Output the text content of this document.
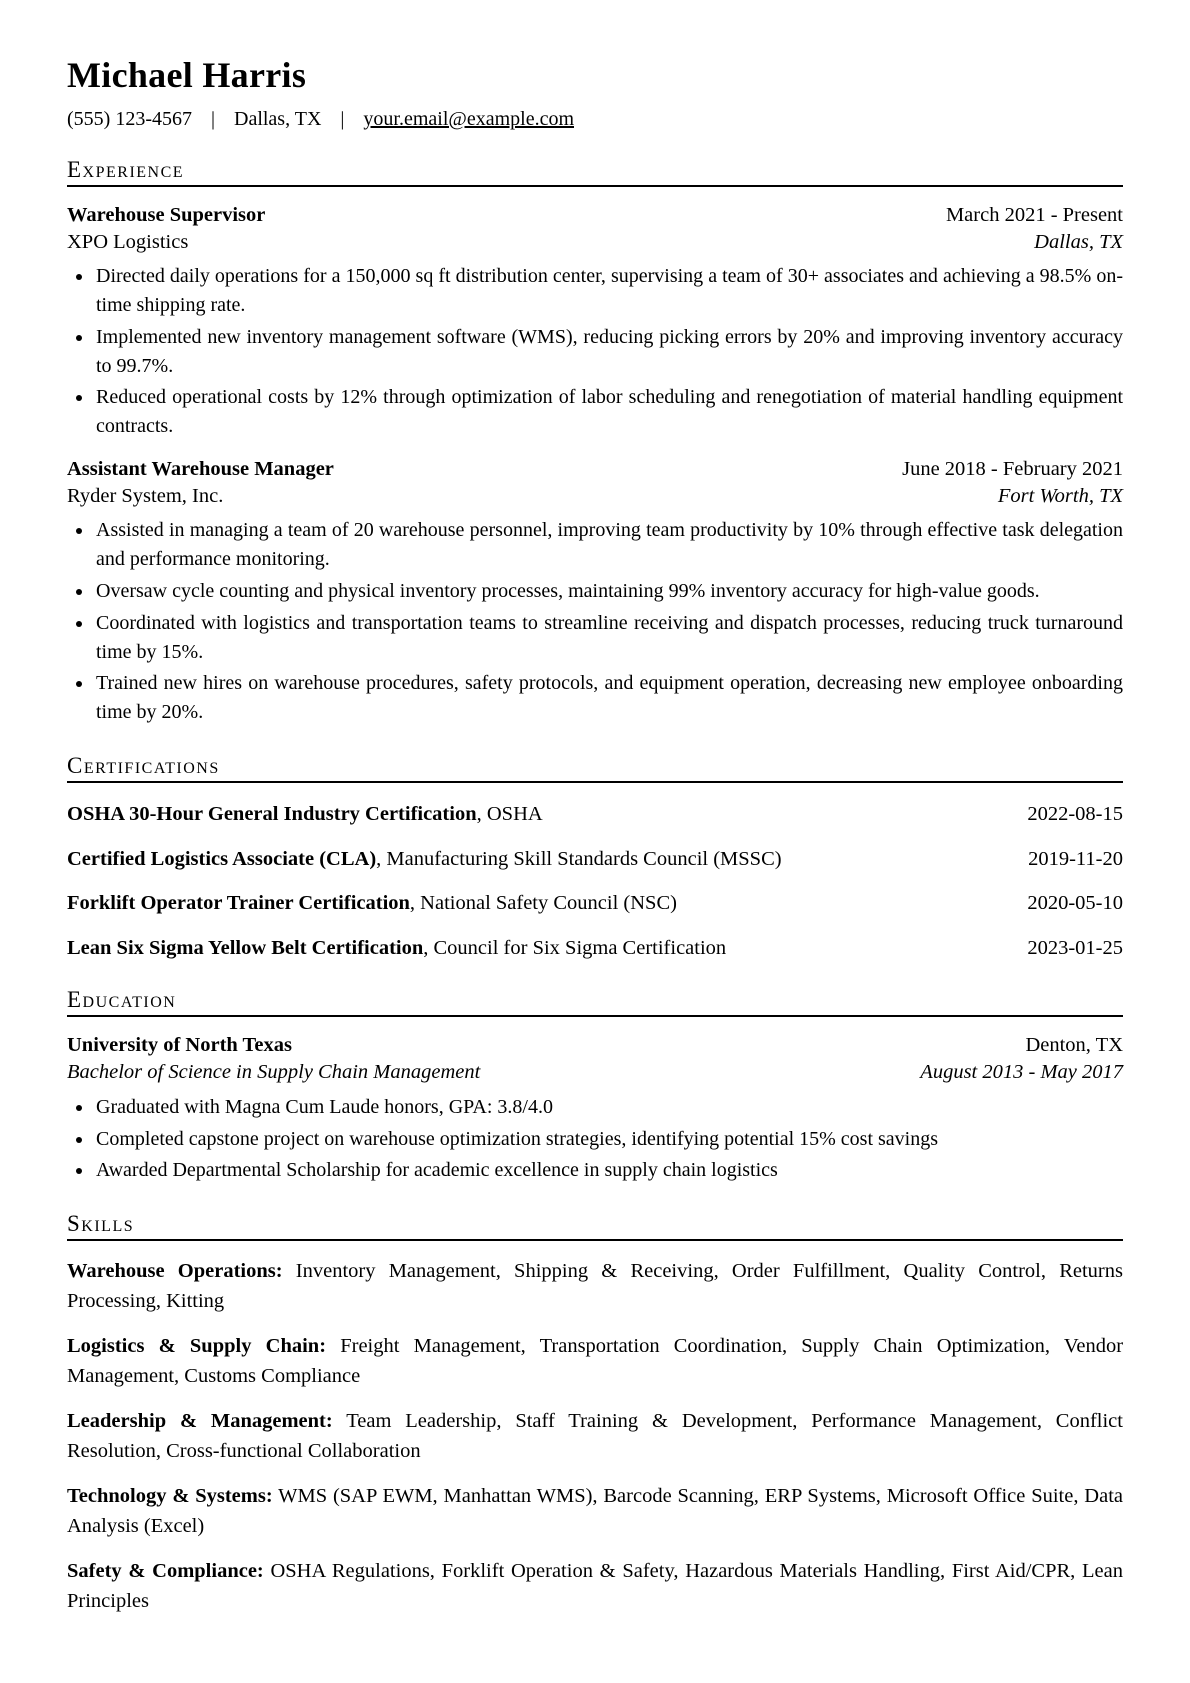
Michael Harris
(555) 123-4567 | Dallas, TX | your.email@example.com
Experience
Warehouse Supervisor	March 2021 - Present
XPO Logistics	Dallas, TX
• Directed daily operations for a 150,000 sq ft distribution center, supervising a team of 30+ associates and achieving a 98.5% on-time shipping rate.
• Implemented new inventory management software (WMS), reducing picking errors by 20% and improving inventory accuracy to 99.7%.
• Reduced operational costs by 12% through optimization of labor scheduling and renegotiation of material handling equipment contracts.
Assistant Warehouse Manager	June 2018 - February 2021
Ryder System, Inc.	Fort Worth, TX
• Assisted in managing a team of 20 warehouse personnel, improving team productivity by 10% through effective task delegation and performance monitoring.
• Oversaw cycle counting and physical inventory processes, maintaining 99% inventory accuracy for high-value goods.
• Coordinated with logistics and transportation teams to streamline receiving and dispatch processes, reducing truck turnaround time by 15%.
• Trained new hires on warehouse procedures, safety protocols, and equipment operation, decreasing new employee onboarding time by 20%.
Certifications
OSHA 30-Hour General Industry Certification, OSHA	2022-08-15
Certified Logistics Associate (CLA), Manufacturing Skill Standards Council (MSSC)	2019-11-20
Forklift Operator Trainer Certification, National Safety Council (NSC)	2020-05-10
Lean Six Sigma Yellow Belt Certification, Council for Six Sigma Certification	2023-01-25
Education
University of North Texas	Denton, TX
Bachelor of Science in Supply Chain Management	August 2013 - May 2017
• Graduated with Magna Cum Laude honors, GPA: 3.8/4.0
• Completed capstone project on warehouse optimization strategies, identifying potential 15% cost savings
• Awarded Departmental Scholarship for academic excellence in supply chain logistics
Skills

Warehouse Operations: Inventory Management, Shipping & Receiving, Order Fulfillment, Quality Control, Returns Processing, Kitting

Logistics & Supply Chain: Freight Management, Transportation Coordination, Supply Chain Optimization, Vendor Management, Customs Compliance

Leadership & Management: Team Leadership, Staff Training & Development, Performance Management, Conflict Resolution, Cross-functional Collaboration

Technology & Systems: WMS (SAP EWM, Manhattan WMS), Barcode Scanning, ERP Systems, Microsoft Office Suite, Data Analysis (Excel)

Safety & Compliance: OSHA Regulations, Forklift Operation & Safety, Hazardous Materials Handling, First Aid/CPR, Lean Principles
